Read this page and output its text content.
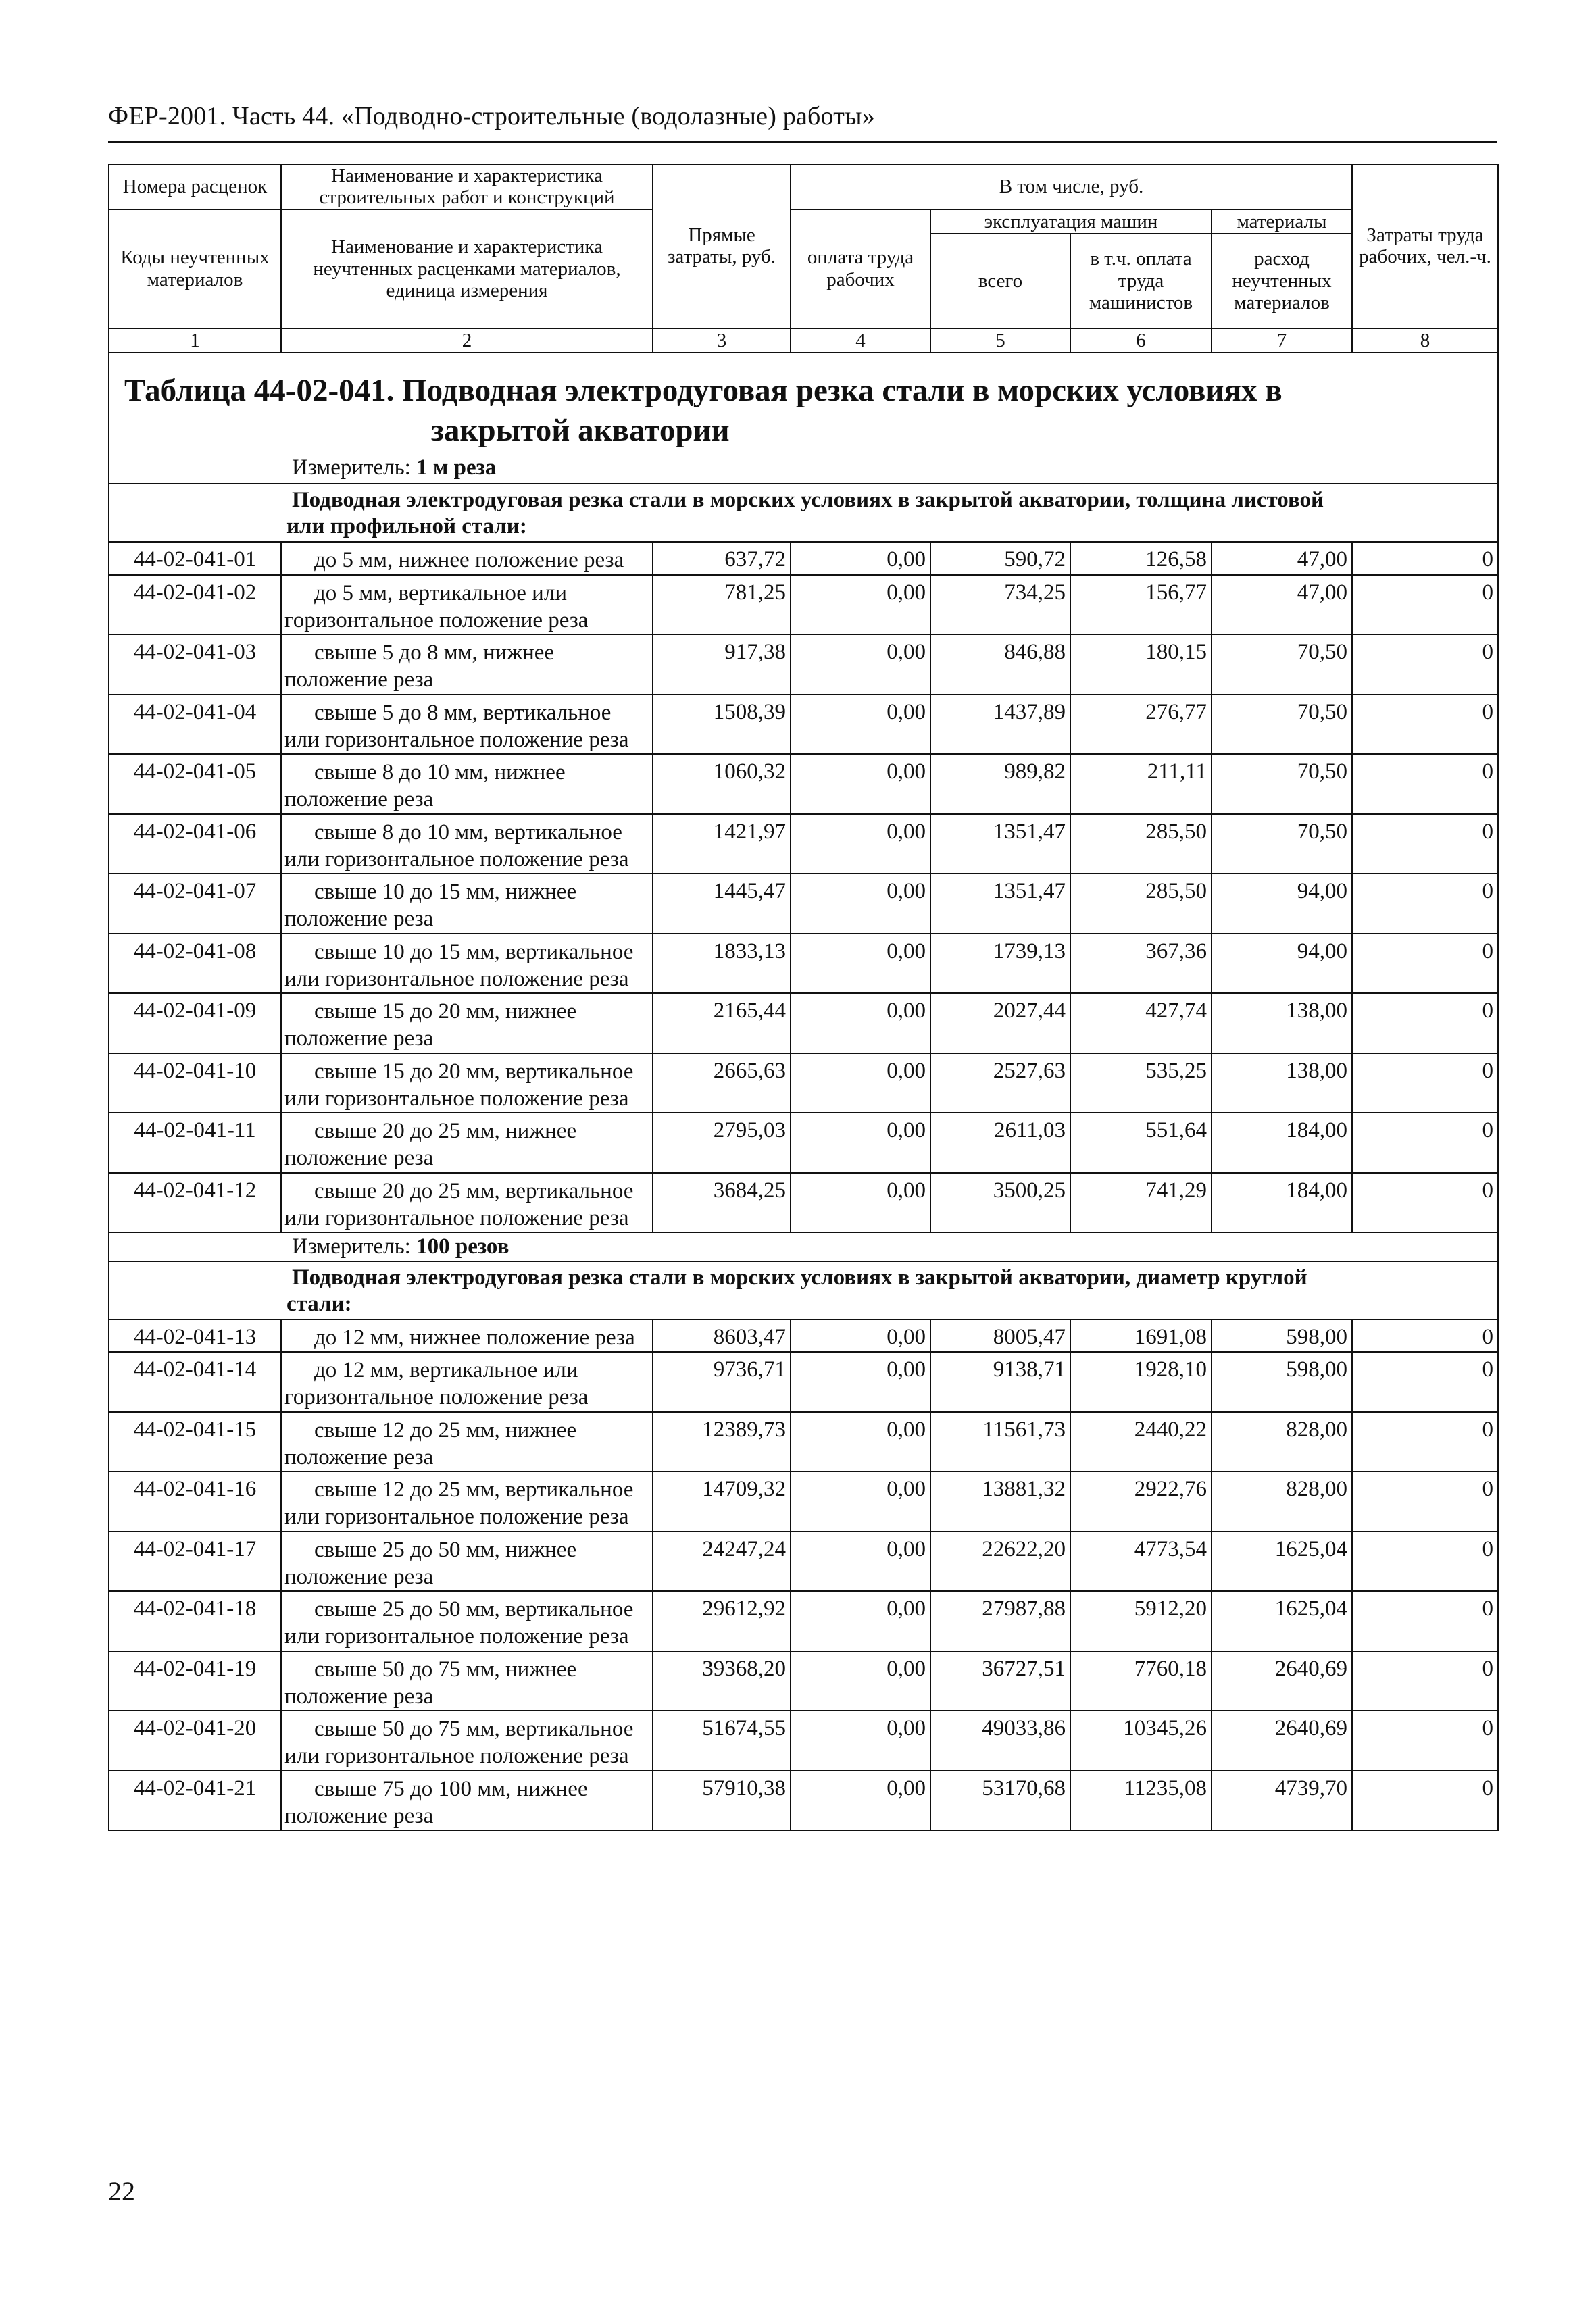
ФЕР-2001. Часть 44. «Подводно-строительные (водолазные) работы»
Номера расценок	Наименование и характеристика строительных работ и конструкций	Прямые затраты, руб.	В том числе, руб.				Затраты труда рабочих, чел.-ч.
Коды неучтенных материалов	Наименование и характеристика неучтенных расценками материалов, единица измерения		оплата труда рабочих	эксплуатация машин		материалы	
				всего	в т.ч. оплата труда машинистов	расход неучтенных материалов	
1	2	3	4	5	6	7	8
Таблица 44-02-041. Подводная электродуговая резка стали в морских условиях в
закрытой акватории							

Измеритель: 1 м реза							
Подводная электродуговая резка стали в морских условиях в закрытой акватории, толщина листовой
или профильной стали:							

44-02-041-01	до 5 мм, нижнее положение реза	637,72	0,00	590,72	126,58	47,00	0
44-02-041-02	до 5 мм, вертикальное или горизонтальное положение реза	781,25	0,00	734,25	156,77	47,00	0
44-02-041-03	свыше 5 до 8 мм, нижнее положение реза	917,38	0,00	846,88	180,15	70,50	0
44-02-041-04	свыше 5 до 8 мм, вертикальное или горизонтальное положение реза	1508,39	0,00	1437,89	276,77	70,50	0
44-02-041-05	свыше 8 до 10 мм, нижнее положение реза	1060,32	0,00	989,82	211,11	70,50	0
44-02-041-06	свыше 8 до 10 мм, вертикальное или горизонтальное положение реза	1421,97	0,00	1351,47	285,50	70,50	0
44-02-041-07	свыше 10 до 15 мм, нижнее положение реза	1445,47	0,00	1351,47	285,50	94,00	0
44-02-041-08	свыше 10 до 15 мм, вертикальное или горизонтальное положение реза	1833,13	0,00	1739,13	367,36	94,00	0
44-02-041-09	свыше 15 до 20 мм, нижнее положение реза	2165,44	0,00	2027,44	427,74	138,00	0
44-02-041-10	свыше 15 до 20 мм, вертикальное или горизонтальное положение реза	2665,63	0,00	2527,63	535,25	138,00	0
44-02-041-11	свыше 20 до 25 мм, нижнее положение реза	2795,03	0,00	2611,03	551,64	184,00	0
44-02-041-12	свыше 20 до 25 мм, вертикальное или горизонтальное положение реза	3684,25	0,00	3500,25	741,29	184,00	0
Измеритель: 100 резов							
Подводная электродуговая резка стали в морских условиях в закрытой акватории, диаметр круглой
стали:							

44-02-041-13	до 12 мм, нижнее положение реза	8603,47	0,00	8005,47	1691,08	598,00	0
44-02-041-14	до 12 мм, вертикальное или горизонтальное положение реза	9736,71	0,00	9138,71	1928,10	598,00	0
44-02-041-15	свыше 12 до 25 мм, нижнее положение реза	12389,73	0,00	11561,73	2440,22	828,00	0
44-02-041-16	свыше 12 до 25 мм, вертикальное или горизонтальное положение реза	14709,32	0,00	13881,32	2922,76	828,00	0
44-02-041-17	свыше 25 до 50 мм, нижнее положение реза	24247,24	0,00	22622,20	4773,54	1625,04	0
44-02-041-18	свыше 25 до 50 мм, вертикальное или горизонтальное положение реза	29612,92	0,00	27987,88	5912,20	1625,04	0
44-02-041-19	свыше 50 до 75 мм, нижнее положение реза	39368,20	0,00	36727,51	7760,18	2640,69	0
44-02-041-20	свыше 50 до 75 мм, вертикальное или горизонтальное положение реза	51674,55	0,00	49033,86	10345,26	2640,69	0
44-02-041-21	свыше 75 до 100 мм, нижнее положение реза	57910,38	0,00	53170,68	11235,08	4739,70	0
22
